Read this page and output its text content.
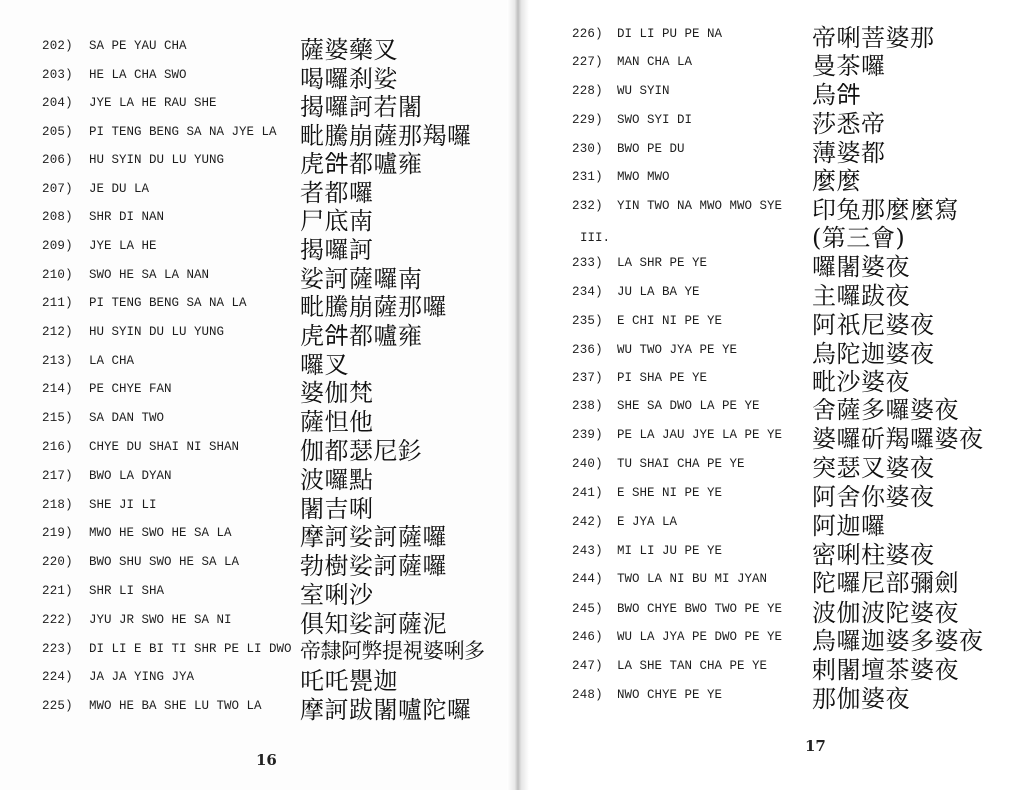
202) SA PE YAU CHA	薩婆藥叉
203) HE LA CHA SWO	喝囉刹娑
204) JYE LA HE RAU SHE	揭囉訶若闍
205) PI TENG BENG SA NA JYE LA 毗騰崩薩那羯囉
206) HU SYIN DU LU YUNG	虎𤙖都嚧雍
207) JE DU LA	者都囉
208) SHR DI NAN	尸底南
209) JYE LA HE	揭囉訶
210) SWO HE SA LA NAN	娑訶薩囉南
211) PI TENG BENG SA NA LA 毗騰崩薩那囉
212) HU SYIN DU LU YUNG	虎𤙖都嚧雍
213) LA CHA	囉叉
214) PE CHYE FAN	婆伽梵
215) SA DAN TWO	薩怛他
216) CHYE DU SHAI NI SHAN	伽都瑟尼釤
217) BWO LA DYAN	波囉點
218) SHE JI LI	闍吉唎
219) MWO HE SWO HE SA LA	摩訶娑訶薩囉
220) BWO SHU SWO HE SA LA	勃樹娑訶薩囉
221) SHR LI SHA	室唎沙
222) JYU JR SWO HE SA NI	俱知娑訶薩泥
223) DI LI E BI TI SHR PE LI DWO 帝隸阿弊提視婆唎多
224) JA JA YING JYA	吒吒甖迦
225) MWO HE BA SHE LU TWO LA 摩訶跋闍嚧陀囉
16
226) DI LI PU PE NA	帝唎菩婆那
227) MAN CHA LA	曼茶囉
228) WU SYIN	烏𤙖
229) SWO SYI DI	莎悉帝
230) BWO PE DU	薄婆都
231) MWO MWO	麼麼
232) YIN TWO NA MWO MWO SYE 印兔那麼麼寫
(第三會)
III.
233) LA SHR PE YE	囉闍婆夜
234) JU LA BA YE	主囉跋夜
235) E CHI NI PE YE	阿祇尼婆夜
236) WU TWO JYA PE YE	烏陀迦婆夜
237) PI SHA PE YE	毗沙婆夜
238) SHE SA DWO LA PE YE 舍薩多囉婆夜
239) PE LA JAU JYE LA PE YE 婆囉斫羯囉婆夜
240) TU SHAI CHA PE YE	突瑟叉婆夜
241) E SHE NI PE YE	阿舍你婆夜
242) E JYA LA	阿迦囉
243) MI LI JU PE YE	密唎柱婆夜
244) TWO LA NI BU MI JYAN 陀囉尼部彌劍
245) BWO CHYE BWO TWO PE YE 波伽波陀婆夜
246) WU LA JYA PE DWO PE YE 烏囉迦婆多婆夜
247) LA SHE TAN CHA PE YE 剌闍壇茶婆夜
248) NWO CHYE PE YE	那伽婆夜
17
